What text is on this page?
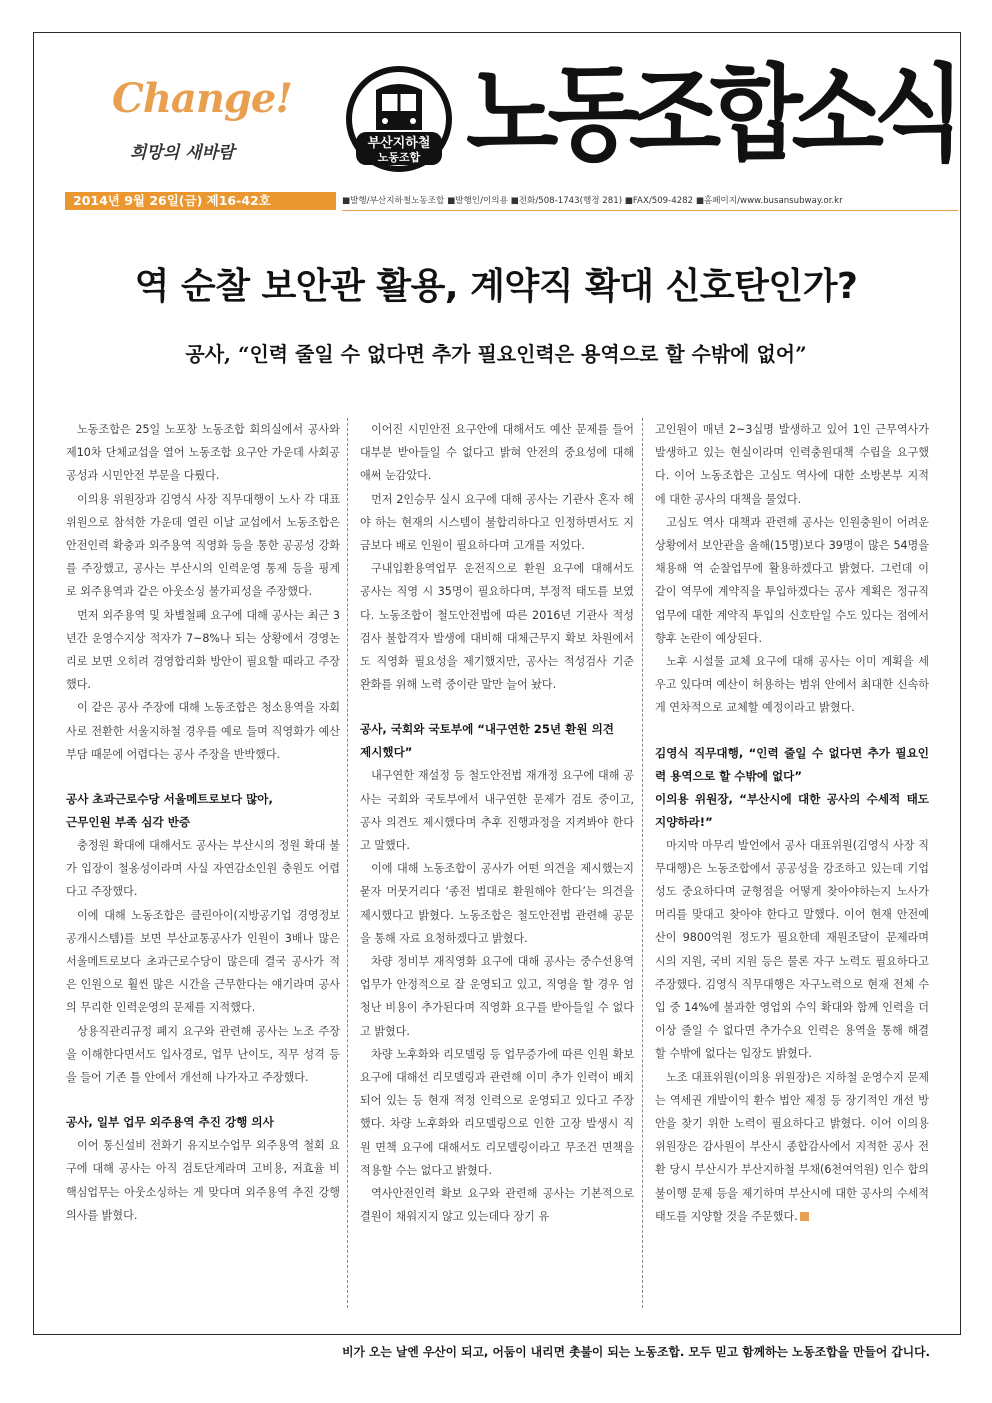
Change!
희망의 새바람	부산지하철
노동조합 노동조합소식
2014년 9월 26일(금) 제16-42호	■발행/부산지하철노동조합 ■발행인/이의용 ■전화/508-1743(행정 281) ■FAX/509-4282 ■홈페이지/www.busansubway.or.kr
역 순찰 보안관 활용, 계약직 확대 신호탄인가?
공사, “인력 줄일 수 없다면 추가 필요인력은 용역으로 할 수밖에 없어”

노동조합은 25일 노포창 노동조합 회의실에서 공사와 제10차 단체교섭을 열어 노동조합 요구안 가운데 사회공공성과 시민안전 부문을 다뤘다.

이의용 위원장과 김영식 사장 직무대행이 노사 각 대표위원으로 참석한 가운데 열린 이날 교섭에서 노동조합은 안전인력 확충과 외주용역 직영화 등을 통한 공공성 강화를 주장했고, 공사는 부산시의 인력운영 통제 등을 핑계로 외주용역과 같은 아웃소싱 불가피성을 주장했다.

먼저 외주용역 및 차별철폐 요구에 대해 공사는 최근 3년간 운영수지상 적자가 7~8%나 되는 상황에서 경영논리로 보면 오히려 경영합리화 방안이 필요할 때라고 주장했다.

이 같은 공사 주장에 대해 노동조합은 청소용역을 자회사로 전환한 서울지하철 경우를 예로 들며 직영화가 예산부담 때문에 어렵다는 공사 주장을 반박했다.

공사 초과근로수당 서울메트로보다 많아,
근무인원 부족 심각 반증

충정원 확대에 대해서도 공사는 부산시의 정원 확대 불가 입장이 철옹성이라며 사실 자연감소인원 충원도 어렵다고 주장했다.

이에 대해 노동조합은 클린아이(지방공기업 경영정보공개시스템)를 보면 부산교통공사가 인원이 3배나 많은 서울메트로보다 초과근로수당이 많은데 결국 공사가 적은 인원으로 훨씬 많은 시간을 근무한다는 얘기라며 공사의 무리한 인력운영의 문제를 지적했다.

상용직관리규정 폐지 요구와 관련해 공사는 노조 주장을 이해한다면서도 입사경로, 업무 난이도, 직무 성격 등을 들어 기존 틀 안에서 개선해 나가자고 주장했다.

공사, 일부 업무 외주용역 추진 강행 의사

이어 통신설비 전화기 유지보수업무 외주용역 철회 요구에 대해 공사는 아직 검토단계라며 고비용, 저효율 비핵심업무는 아웃소싱하는 게 맞다며 외주용역 추진 강행 의사를 밝혔다.

이어진 시민안전 요구안에 대해서도 예산 문제를 들어 대부분 받아들일 수 없다고 밝혀 안전의 중요성에 대해 애써 눈감았다.

먼저 2인승무 실시 요구에 대해 공사는 기관사 혼자 해야 하는 현재의 시스템이 불합리하다고 인정하면서도 지금보다 배로 인원이 필요하다며 고개를 저었다.

구내입환용역업무 운전직으로 환원 요구에 대해서도 공사는 직영 시 35명이 필요하다며, 부정적 태도를 보였다. 노동조합이 철도안전법에 따른 2016년 기관사 적성검사 불합격자 발생에 대비해 대체근무지 확보 차원에서도 직영화 필요성을 제기했지만, 공사는 적성검사 기준 완화를 위해 노력 중이란 말만 늘어 놨다.

공사, 국회와 국토부에 “내구연한 25년 환원 의견
제시했다”

내구연한 재설정 등 철도안전법 재개정 요구에 대해 공사는 국회와 국토부에서 내구연한 문제가 검토 중이고, 공사 의견도 제시했다며 추후 진행과정을 지켜봐야 한다고 말했다.

이에 대해 노동조합이 공사가 어떤 의견을 제시했는지 묻자 머뭇거리다 ‘종전 법대로 환원해야 한다’는 의견을 제시했다고 밝혔다. 노동조합은 철도안전법 관련해 공문을 통해 자료 요청하겠다고 밝혔다.

차량 정비부 재직영화 요구에 대해 공사는 중수선용역업무가 안정적으로 잘 운영되고 있고, 직영을 할 경우 엄청난 비용이 추가된다며 직영화 요구를 받아들일 수 없다고 밝혔다.

차량 노후화와 리모델링 등 업무증가에 따른 인원 확보 요구에 대해선 리모델링과 관련해 이미 추가 인력이 배치되어 있는 등 현재 적정 인력으로 운영되고 있다고 주장했다. 차량 노후화와 리모델링으로 인한 고장 발생시 직원 면책 요구에 대해서도 리모델링이라고 무조건 면책을 적용할 수는 없다고 밝혔다.

역사안전인력 확보 요구와 관련해 공사는 기본적으로 결원이 채워지지 않고 있는데다 장기 유

고인원이 매년 2~3십명 발생하고 있어 1인 근무역사가 발생하고 있는 현실이라며 인력충원대책 수립을 요구했다. 이어 노동조합은 고심도 역사에 대한 소방본부 지적에 대한 공사의 대책을 물었다.

고심도 역사 대책과 관련해 공사는 인원충원이 어려운 상황에서 보안관을 올해(15명)보다 39명이 많은 54명을 채용해 역 순찰업무에 활용하겠다고 밝혔다. 그런데 이 같이 역무에 계약직을 투입하겠다는 공사 계획은 정규직 업무에 대한 계약직 투입의 신호탄일 수도 있다는 점에서 향후 논란이 예상된다.

노후 시설물 교체 요구에 대해 공사는 이미 계획을 세우고 있다며 예산이 허용하는 범위 안에서 최대한 신속하게 연차적으로 교체할 예정이라고 밝혔다.

김영식 직무대행, “인력 줄일 수 없다면 추가 필요인력 용역으로 할 수밖에 없다”
이의용 위원장, “부산시에 대한 공사의 수세적 태도 지양하라!”

마지막 마무리 발언에서 공사 대표위원(김영식 사장 직무대행)은 노동조합에서 공공성을 강조하고 있는데 기업성도 중요하다며 균형점을 어떻게 찾아야하는지 노사가 머리를 맞대고 찾아야 한다고 말했다. 이어 현재 안전예산이 9800억원 정도가 필요한데 재원조달이 문제라며 시의 지원, 국비 지원 등은 물론 자구 노력도 필요하다고 주장했다. 김영식 직무대행은 자구노력으로 현재 전체 수입 중 14%에 불과한 영업외 수익 확대와 함께 인력을 더 이상 줄일 수 없다면 추가수요 인력은 용역을 통해 해결할 수밖에 없다는 입장도 밝혔다.

노조 대표위원(이의용 위원장)은 지하철 운영수지 문제는 역세권 개발이익 환수 법안 제정 등 장기적인 개선 방안을 찾기 위한 노력이 필요하다고 밝혔다. 이어 이의용 위원장은 감사원이 부산시 종합감사에서 지적한 공사 전환 당시 부산시가 부산지하철 부채(6천여억원) 인수 합의 불이행 문제 등을 제기하며 부산시에 대한 공사의 수세적 태도를 지양할 것을 주문했다.

비가 오는 날엔 우산이 되고, 어둠이 내리면 촛불이 되는 노동조합. 모두 믿고 함께하는 노동조합을 만들어 갑니다.
